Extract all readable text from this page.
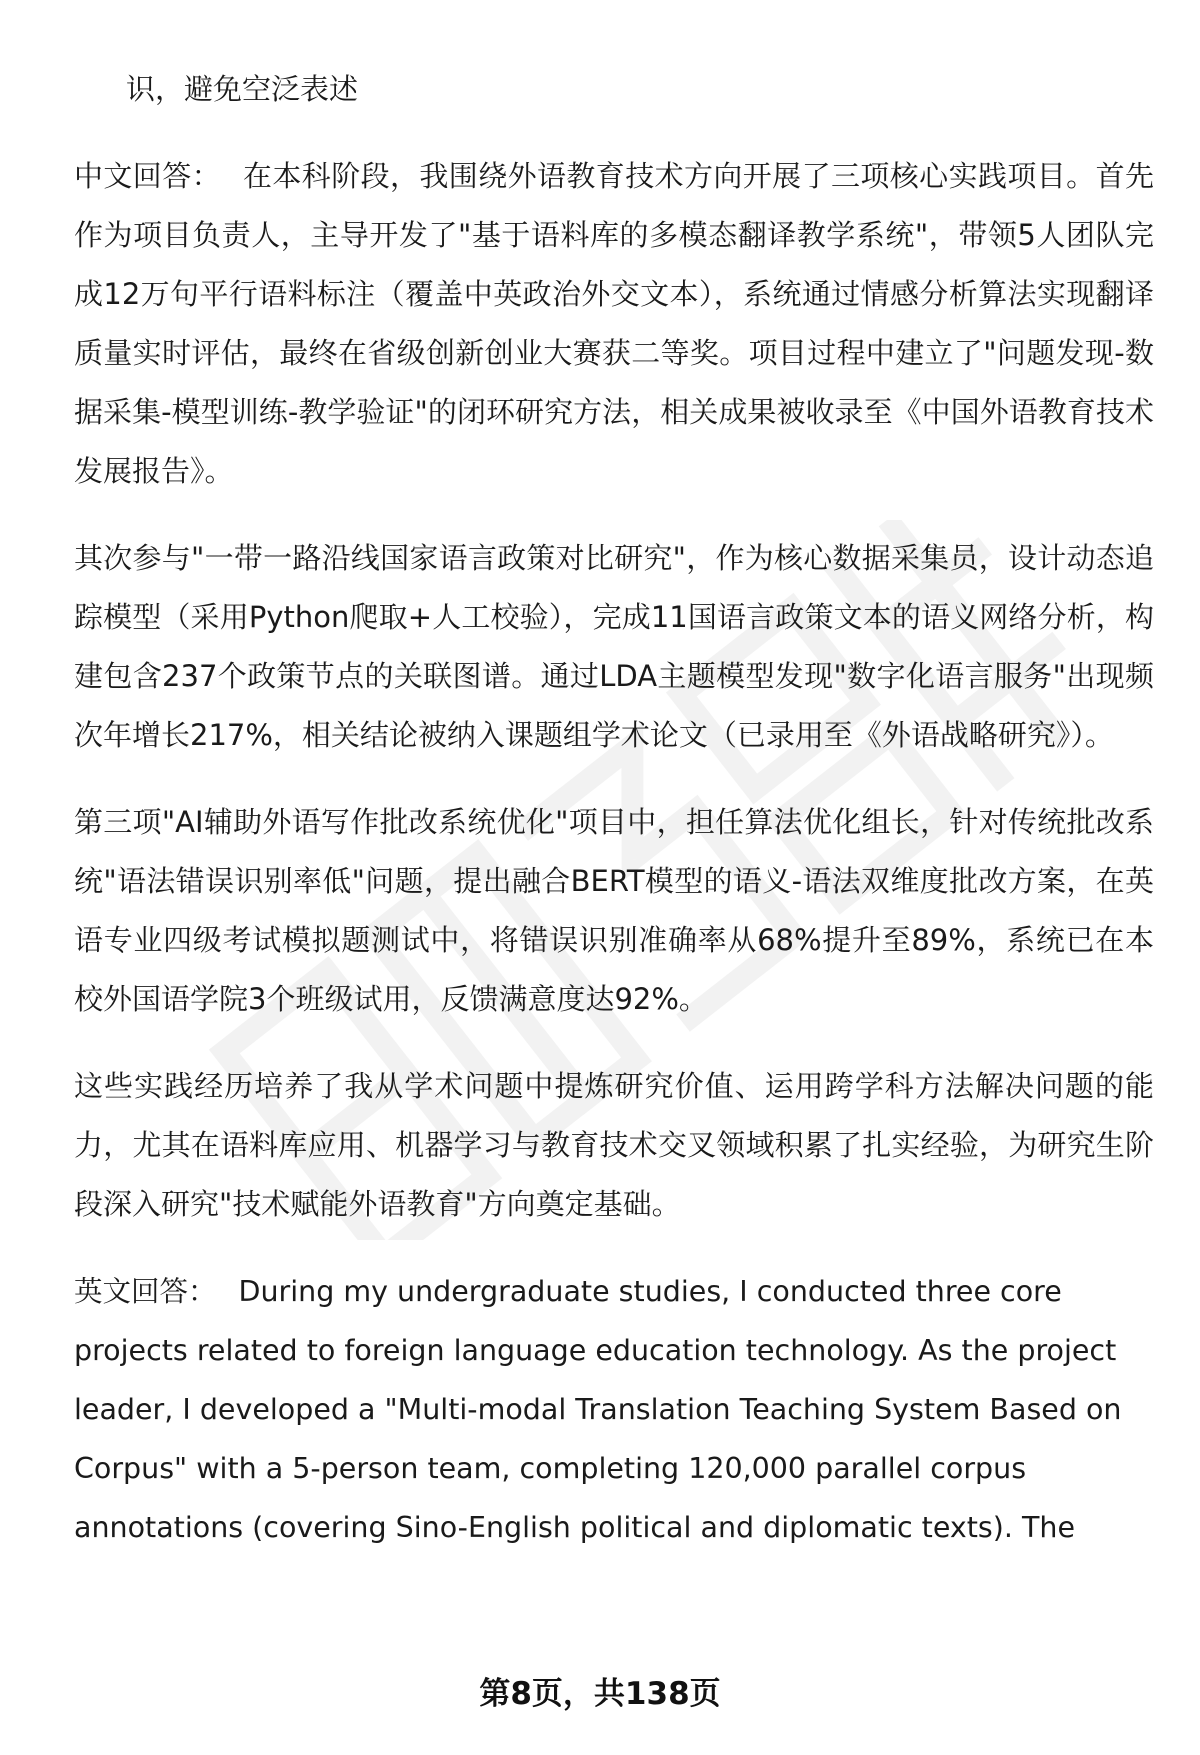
识，避免空泛表述

中文回答： 在本科阶段，我围绕外语教育技术方向开展了三项核心实践项目。首先作为项目负责人，主导开发了"基于语料库的多模态翻译教学系统"，带领5人团队完成12万句平行语料标注（覆盖中英政治外交文本），系统通过情感分析算法实现翻译质量实时评估，最终在省级创新创业大赛获二等奖。项目过程中建立了"问题发现-数据采集-模型训练-教学验证"的闭环研究方法，相关成果被收录至《中国外语教育技术发展报告》。

其次参与"一带一路沿线国家语言政策对比研究"，作为核心数据采集员，设计动态追踪模型（采用Python爬取+人工校验），完成11国语言政策文本的语义网络分析，构建包含237个政策节点的关联图谱。通过LDA主题模型发现"数字化语言服务"出现频次年增长217%，相关结论被纳入课题组学术论文（已录用至《外语战略研究》）。

第三项"AI辅助外语写作批改系统优化"项目中，担任算法优化组长，针对传统批改系统"语法错误识别率低"问题，提出融合BERT模型的语义-语法双维度批改方案，在英语专业四级考试模拟题测试中，将错误识别准确率从68%提升至89%，系统已在本校外国语学院3个班级试用，反馈满意度达92%。

这些实践经历培养了我从学术问题中提炼研究价值、运用跨学科方法解决问题的能力，尤其在语料库应用、机器学习与教育技术交叉领域积累了扎实经验，为研究生阶段深入研究"技术赋能外语教育"方向奠定基础。

英文回答： During my undergraduate studies, I conducted three core projects related to foreign language education technology. As the project leader, I developed a "Multi-modal Translation Teaching System Based on Corpus" with a 5-person team, completing 120,000 parallel corpus annotations (covering Sino-English political and diplomatic texts). The

第8页，共138页
